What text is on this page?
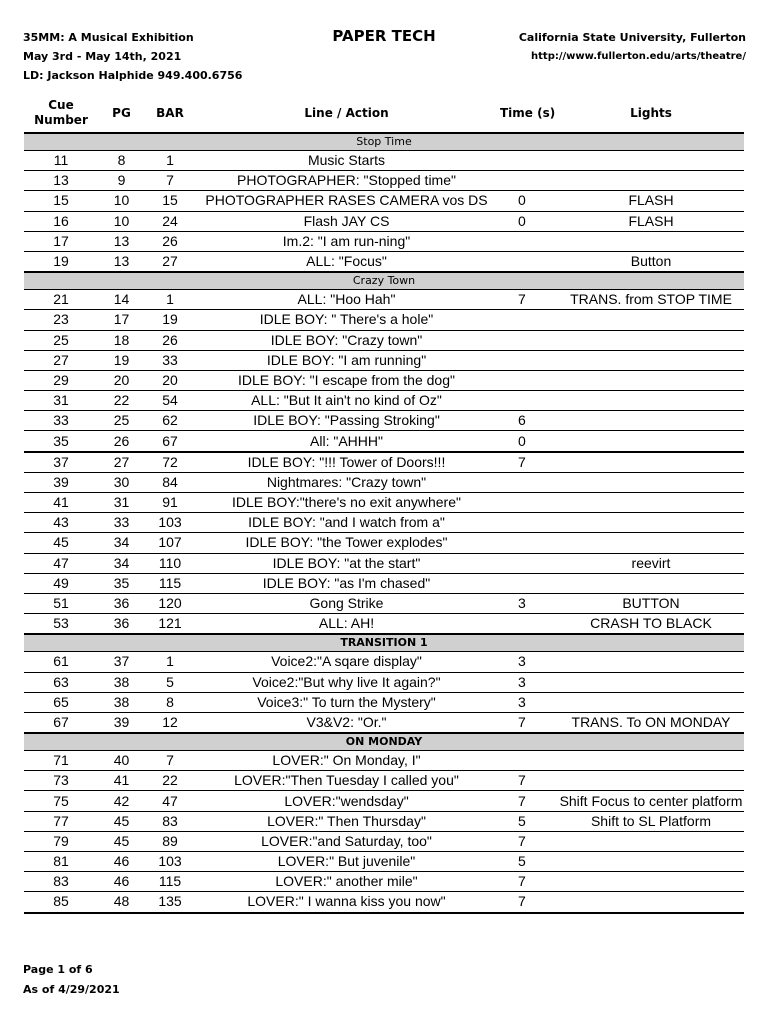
35MM: A Musical Exhibition
May 3rd - May 14th, 2021
LD: Jackson Halphide 949.400.6756
PAPER TECH	California State University, Fullerton
http://www.fullerton.edu/arts/theatre/
Cue Number	PG	BAR	Line / Action	Time (s)	Lights
Stop Time					
11	8	1	Music Starts		
13	9	7	PHOTOGRAPHER: "Stopped time"		
15	10	15	PHOTOGRAPHER RASES CAMERA vos DS	0	FLASH
16	10	24	Flash JAY CS	0	FLASH
17	13	26	Im.2: "I am run-ning"		
19	13	27	ALL: "Focus"		Button
Crazy Town					
21	14	1	ALL: "Hoo Hah"	7	TRANS. from STOP TIME
23	17	19	IDLE BOY: " There's a hole"		
25	18	26	IDLE BOY: "Crazy town"		
27	19	33	IDLE BOY: "I am running"		
29	20	20	IDLE BOY: "I escape from the dog"		
31	22	54	ALL: "But It ain't no kind of Oz"		
33	25	62	IDLE BOY: "Passing Stroking"	6	
35	26	67	All: "AHHH"	0	
37	27	72	IDLE BOY: "!!! Tower of Doors!!!	7	
39	30	84	Nightmares: "Crazy town"		
41	31	91	IDLE BOY:"there's no exit anywhere"		
43	33	103	IDLE BOY: "and I watch from a"		
45	34	107	IDLE BOY: "the Tower explodes"		
47	34	110	IDLE BOY: "at the start"		reevirt
49	35	115	IDLE BOY: "as I'm chased"		
51	36	120	Gong Strike	3	BUTTON
53	36	121	ALL: AH!		CRASH TO BLACK
TRANSITION 1					
61	37	1	Voice2:"A sqare display"	3	
63	38	5	Voice2:"But why live It again?"	3	
65	38	8	Voice3:" To turn the Mystery"	3	
67	39	12	V3&V2: "Or."	7	TRANS. To ON MONDAY
ON MONDAY					
71	40	7	LOVER:" On Monday, I"		
73	41	22	LOVER:"Then Tuesday I called you"	7	
75	42	47	LOVER:"wendsday"	7	Shift Focus to center platform
77	45	83	LOVER:" Then Thursday"	5	Shift to SL Platform
79	45	89	LOVER:"and Saturday, too"	7	
81	46	103	LOVER:" But juvenile"	5	
83	46	115	LOVER:" another mile"	7	
85	48	135	LOVER:" I wanna kiss you now"	7	
Page 1 of 6
As of 4/29/2021
